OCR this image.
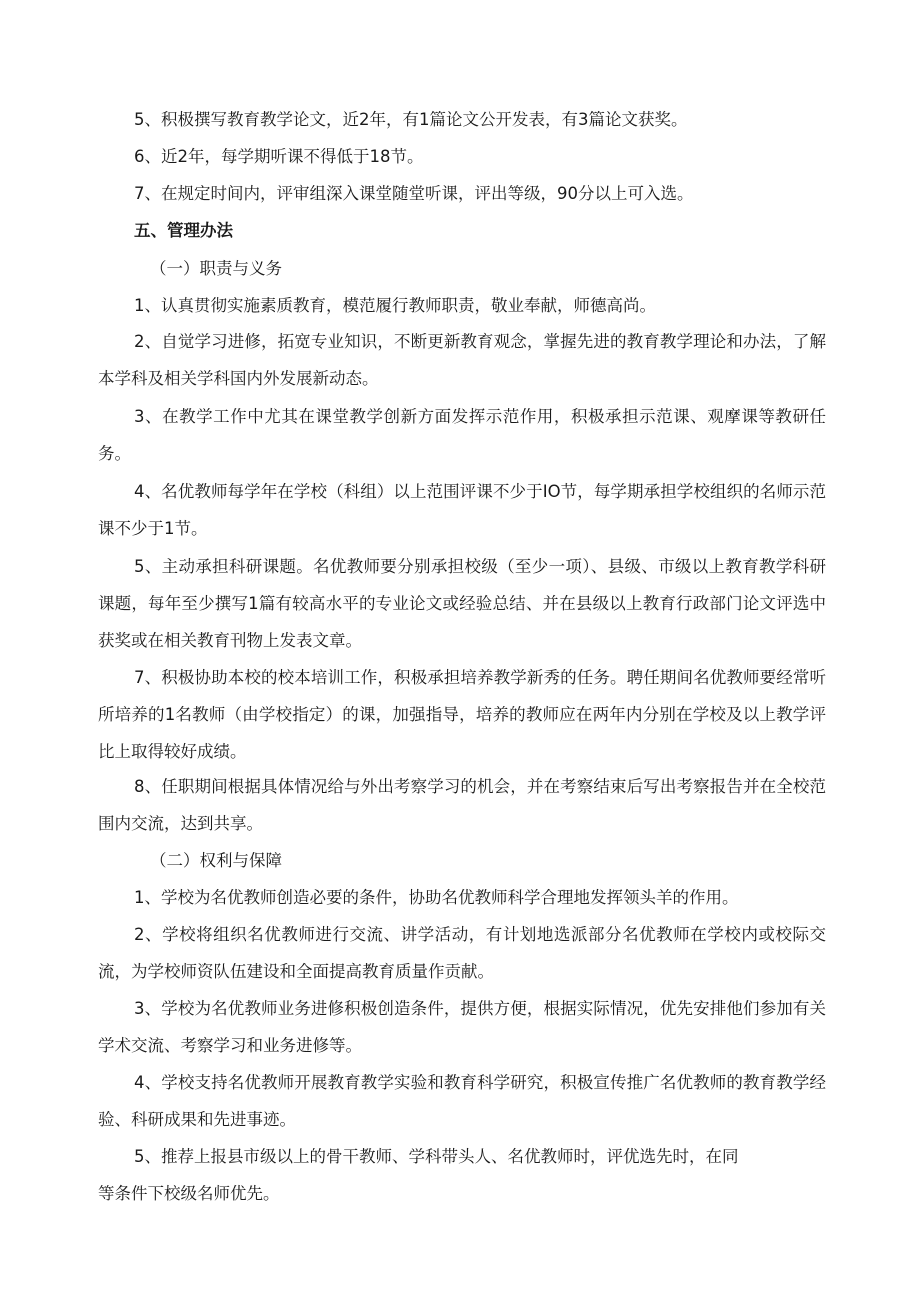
5、积极撰写教育教学论文，近2年，有1篇论文公开发表，有3篇论文获奖。

6、近2年，每学期听课不得低于18节。

7、在规定时间内，评审组深入课堂随堂听课，评出等级，90分以上可入选。

五、管理办法

（一）职责与义务

1、认真贯彻实施素质教育，模范履行教师职责，敬业奉献，师德高尚。

2、自觉学习进修，拓宽专业知识，不断更新教育观念，掌握先进的教育教学理论和办法，了解本学科及相关学科国内外发展新动态。

3、在教学工作中尤其在课堂教学创新方面发挥示范作用，积极承担示范课、观摩课等教研任务。

4、名优教师每学年在学校（科组）以上范围评课不少于IO节，每学期承担学校组织的名师示范课不少于1节。

5、主动承担科研课题。名优教师要分别承担校级（至少一项）、县级、市级以上教育教学科研课题，每年至少撰写1篇有较高水平的专业论文或经验总结、并在县级以上教育行政部门论文评选中获奖或在相关教育刊物上发表文章。

7、积极协助本校的校本培训工作，积极承担培养教学新秀的任务。聘任期间名优教师要经常听所培养的1名教师（由学校指定）的课，加强指导，培养的教师应在两年内分别在学校及以上教学评比上取得较好成绩。

8、任职期间根据具体情况给与外出考察学习的机会，并在考察结束后写出考察报告并在全校范围内交流，达到共享。

（二）权利与保障

1、学校为名优教师创造必要的条件，协助名优教师科学合理地发挥领头羊的作用。

2、学校将组织名优教师进行交流、讲学活动，有计划地选派部分名优教师在学校内或校际交流，为学校师资队伍建设和全面提高教育质量作贡献。

3、学校为名优教师业务进修积极创造条件，提供方便，根据实际情况，优先安排他们参加有关学术交流、考察学习和业务进修等。

4、学校支持名优教师开展教育教学实验和教育科学研究，积极宣传推广名优教师的教育教学经验、科研成果和先进事迹。

5、推荐上报县市级以上的骨干教师、学科带头人、名优教师时，评优选先时，在同

等条件下校级名师优先。
